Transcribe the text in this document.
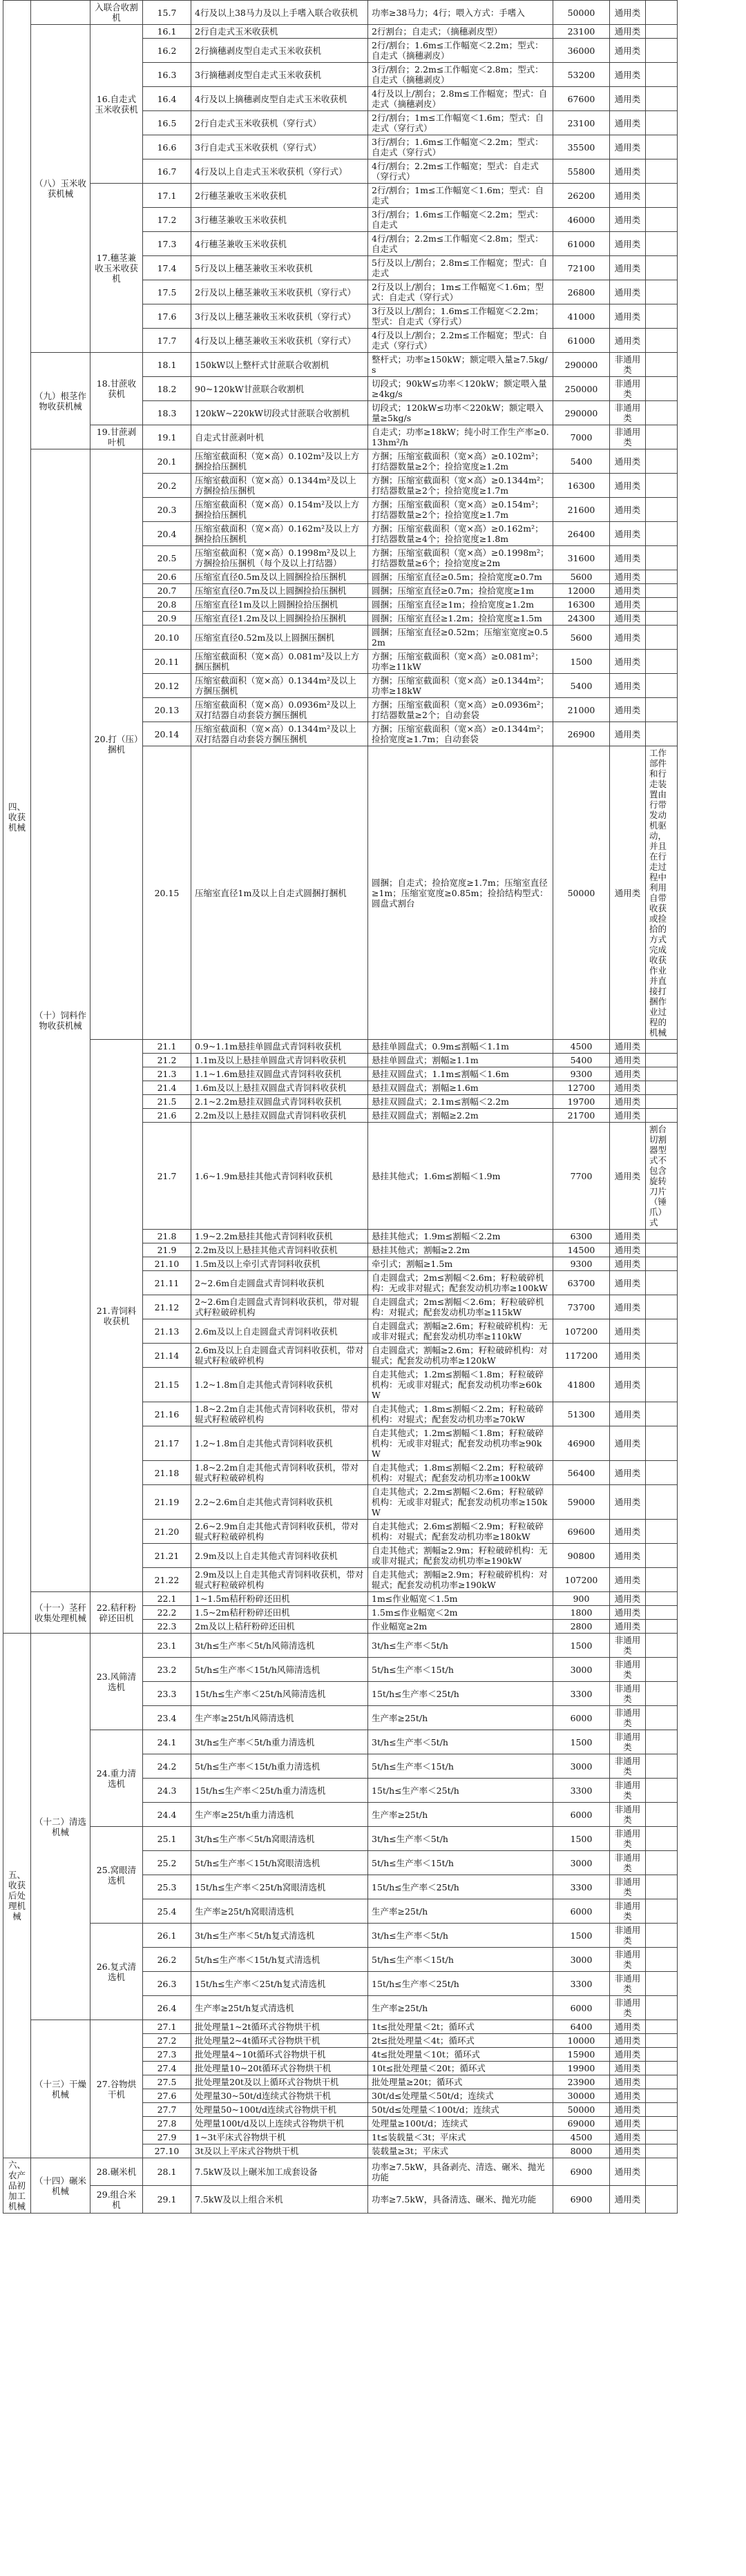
四、收获机械		入联合收割机	15.7	4行及以上38马力及以上手嗜入联合收获机	功率≥38马力；4行；喂入方式：手嗜入	50000	通用类	
	（八）玉米收获机械	16.自走式玉米收获机	16.1	2行自走式玉米收获机	2行割台；自走式；（摘穗剥皮型）	23100	通用类	
			16.2	2行摘穗剥皮型自走式玉米收获机	2行/割台；1.6m≤工作幅宽＜2.2m；型式：自走式（摘穗剥皮）	36000	通用类	
			16.3	3行摘穗剥皮型自走式玉米收获机	3行/割台；2.2m≤工作幅宽＜2.8m；型式：自走式（摘穗剥皮）	53200	通用类	
			16.4	4行及以上摘穗剥皮型自走式玉米收获机	4行及以上/割台；2.8m≤工作幅宽；型式：自走式（摘穗剥皮）	67600	通用类	
			16.5	2行自走式玉米收获机（穿行式）	2行/割台；1m≤工作幅宽＜1.6m；型式：自走式（穿行式）	23100	通用类	
			16.6	3行自走式玉米收获机（穿行式）	3行/割台；1.6m≤工作幅宽＜2.2m；型式：自走式（穿行式）	35500	通用类	
			16.7	4行及以上自走式玉米收获机（穿行式）	4行/割台；2.2m≤工作幅宽；型式：自走式（穿行式）	55800	通用类	
		17.穗茎兼收玉米收获机	17.1	2行穗茎兼收玉米收获机	2行/割台；1m≤工作幅宽＜1.6m；型式：自走式	26200	通用类	
			17.2	3行穗茎兼收玉米收获机	3行/割台；1.6m≤工作幅宽＜2.2m；型式：自走式	46000	通用类	
			17.3	4行穗茎兼收玉米收获机	4行/割台；2.2m≤工作幅宽＜2.8m；型式：自走式	61000	通用类	
			17.4	5行及以上穗茎兼收玉米收获机	5行及以上/割台；2.8m≤工作幅宽；型式：自走式	72100	通用类	
			17.5	2行及以上穗茎兼收玉米收获机（穿行式）	2行及以上/割台；1m≤工作幅宽＜1.6m；型式：自走式（穿行式）	26800	通用类	
			17.6	3行及以上穗茎兼收玉米收获机（穿行式）	3行及以上/割台；1.6m≤工作幅宽＜2.2m；型式：自走式（穿行式）	41000	通用类	
			17.7	4行及以上穗茎兼收玉米收获机（穿行式）	4行及以上/割台；2.2m≤工作幅宽；型式：自走式（穿行式）	61000	通用类	
	（九）根茎作物收获机械	18.甘蔗收获机	18.1	150kW以上整杆式甘蔗联合收割机	整杆式；功率≥150kW；额定喂入量≥7.5kg/s	290000	非通用类	
			18.2	90~120kW甘蔗联合收割机	切段式；90kW≤功率＜120kW；额定喂入量≥4kg/s	250000	非通用类	
			18.3	120kW~220kW切段式甘蔗联合收割机	切段式；120kW≤功率＜220kW；额定喂入量≥5kg/s	290000	非通用类	
		19.甘蔗剥叶机	19.1	自走式甘蔗剥叶机	自走式；功率≥18kW；纯小时工作生产率≥0.13hm²/h	7000	非通用类	
	（十）饲料作物收获机械	20.打（压）捆机	20.1	压缩室截面积（宽×高）0.102m²及以上方捆捡拾压捆机	方捆；压缩室截面积（宽×高）≥0.102m²；打结器数量≥2个；捡拾宽度≥1.2m	5400	通用类	
			20.2	压缩室截面积（宽×高）0.1344m²及以上方捆捡拾压捆机	方捆；压缩室截面积（宽×高）≥0.1344m²；打结器数量≥2个；捡拾宽度≥1.7m	16300	通用类	
			20.3	压缩室截面积（宽×高）0.154m²及以上方捆捡拾压捆机	方捆；压缩室截面积（宽×高）≥0.154m²；打结器数量≥2个；捡拾宽度≥1.7m	21600	通用类	
			20.4	压缩室截面积（宽×高）0.162m²及以上方捆捡拾压捆机	方捆；压缩室截面积（宽×高）≥0.162m²；打结器数量≥4个；捡拾宽度≥1.8m	26400	通用类	
			20.5	压缩室截面积（宽×高）0.1998m²及以上方捆捡拾压捆机（每个及以上打结器）	方捆；压缩室截面积（宽×高）≥0.1998m²；打结器数量≥6个；捡拾宽度≥2m	31600	通用类	
			20.6	压缩室直径0.5m及以上圆捆捡拾压捆机	圆捆；压缩室直径≥0.5m；捡拾宽度≥0.7m	5600	通用类	
			20.7	压缩室直径0.7m及以上圆捆捡拾压捆机	圆捆；压缩室直径≥0.7m；捡拾宽度≥1m	12000	通用类	
			20.8	压缩室直径1m及以上圆捆捡拾压捆机	圆捆；压缩室直径≥1m；捡拾宽度≥1.2m	16300	通用类	
			20.9	压缩室直径1.2m及以上圆捆捡拾压捆机	圆捆；压缩室直径≥1.2m；捡拾宽度≥1.5m	24300	通用类	
			20.10	压缩室直径0.52m及以上圆捆压捆机	圆捆；压缩室直径≥0.52m；压缩室宽度≥0.52m	5600	通用类	
			20.11	压缩室截面积（宽×高）0.081m²及以上方捆压捆机	方捆；压缩室截面积（宽×高）≥0.081m²；功率≥11kW	1500	通用类	
			20.12	压缩室截面积（宽×高）0.1344m²及以上方捆压捆机	方捆；压缩室截面积（宽×高）≥0.1344m²；功率≥18kW	5400	通用类	
			20.13	压缩室截面积（宽×高）0.0936m²及以上双打结器自动套袋方捆压捆机	方捆；压缩室截面积（宽×高）≥0.0936m²；打结器数量≥2个；自动套袋	21000	通用类	
			20.14	压缩室截面积（宽×高）0.1344m²及以上双打结器自动套袋方捆压捆机	方捆；压缩室截面积（宽×高）≥0.1344m²；捡拾宽度≥1.7m；自动套袋	26900	通用类	
			20.15	压缩室直径1m及以上自走式圆捆打捆机	圆捆；自走式；捡拾宽度≥1.7m；压缩室直径≥1m；压缩室宽度≥0.85m；捡拾结构型式：圆盘式割台	50000	通用类	工作部件和行走装置由行带发动机驱动，并且在行走过程中利用自带收获或捡拾的方式完成收获作业并直接打捆作业过程的机械
		21.青饲料收获机	21.1	0.9~1.1m悬挂单圆盘式青饲料收获机	悬挂单圆盘式；0.9m≤割幅＜1.1m	4500	通用类	
			21.2	1.1m及以上悬挂单圆盘式青饲料收获机	悬挂单圆盘式；割幅≥1.1m	5400	通用类	
			21.3	1.1~1.6m悬挂双圆盘式青饲料收获机	悬挂双圆盘式；1.1m≤割幅＜1.6m	9300	通用类	
			21.4	1.6m及以上悬挂双圆盘式青饲料收获机	悬挂双圆盘式；割幅≥1.6m	12700	通用类	
			21.5	2.1~2.2m悬挂双圆盘式青饲料收获机	悬挂双圆盘式；2.1m≤割幅＜2.2m	19700	通用类	
			21.6	2.2m及以上悬挂双圆盘式青饲料收获机	悬挂双圆盘式；割幅≥2.2m	21700	通用类	
			21.7	1.6~1.9m悬挂其他式青饲料收获机	悬挂其他式；1.6m≤割幅＜1.9m	7700	通用类	割台切割器型式不包含旋转刀片（锤爪）式
			21.8	1.9~2.2m悬挂其他式青饲料收获机	悬挂其他式；1.9m≤割幅＜2.2m	6300	通用类	
			21.9	2.2m及以上悬挂其他式青饲料收获机	悬挂其他式；割幅≥2.2m	14500	通用类	
			21.10	1.5m及以上牵引式青饲料收获机	牵引式；割幅≥1.5m	9300	通用类	
			21.11	2~2.6m自走圆盘式青饲料收获机	自走圆盘式；2m≤割幅＜2.6m；籽粒破碎机构：无或非对辊式；配套发动机功率≥100kW	63700	通用类	
			21.12	2~2.6m自走圆盘式青饲料收获机，带对辊式籽粒破碎机构	自走圆盘式；2m≤割幅＜2.6m；籽粒破碎机构：对辊式；配套发动机功率≥115kW	73700	通用类	
			21.13	2.6m及以上自走圆盘式青饲料收获机	自走圆盘式；割幅≥2.6m；籽粒破碎机构：无或非对辊式；配套发动机功率≥110kW	107200	通用类	
			21.14	2.6m及以上自走圆盘式青饲料收获机，带对辊式籽粒破碎机构	自走圆盘式；割幅≥2.6m；籽粒破碎机构：对辊式；配套发动机功率≥120kW	117200	通用类	
			21.15	1.2~1.8m自走其他式青饲料收获机	自走其他式；1.2m≤割幅＜1.8m；籽粒破碎机构：无或非对辊式；配套发动机功率≥60kW	41800	通用类	
			21.16	1.8~2.2m自走其他式青饲料收获机，带对辊式籽粒破碎机构	自走其他式；1.8m≤割幅＜2.2m；籽粒破碎机构：对辊式；配套发动机功率≥70kW	51300	通用类	
			21.17	1.2~1.8m自走其他式青饲料收获机	自走其他式；1.2m≤割幅＜1.8m；籽粒破碎机构：无或非对辊式；配套发动机功率≥90kW	46900	通用类	
			21.18	1.8~2.2m自走其他式青饲料收获机，带对辊式籽粒破碎机构	自走其他式；1.8m≤割幅＜2.2m；籽粒破碎机构：对辊式；配套发动机功率≥100kW	56400	通用类	
			21.19	2.2~2.6m自走其他式青饲料收获机	自走其他式；2.2m≤割幅＜2.6m；籽粒破碎机构：无或非对辊式；配套发动机功率≥150kW	59000	通用类	
			21.20	2.6~2.9m自走其他式青饲料收获机，带对辊式籽粒破碎机构	自走其他式；2.6m≤割幅＜2.9m；籽粒破碎机构：对辊式；配套发动机功率≥180kW	69600	通用类	
			21.21	2.9m及以上自走其他式青饲料收获机	自走其他式；割幅≥2.9m；籽粒破碎机构：无或非对辊式；配套发动机功率≥190kW	90800	通用类	
			21.22	2.9m及以上自走其他式青饲料收获机，带对辊式籽粒破碎机构	自走其他式；割幅≥2.9m；籽粒破碎机构：对辊式；配套发动机功率≥190kW	107200	通用类	
	（十一）茎秆收集处理机械	22.秸秆粉碎还田机	22.1	1~1.5m秸秆粉碎还田机	1m≤作业幅宽＜1.5m	900	通用类	
			22.2	1.5~2m秸秆粉碎还田机	1.5m≤作业幅宽＜2m	1800	通用类	
			22.3	2m及以上秸秆粉碎还田机	作业幅宽≥2m	2800	通用类	
五、收获后处理机械	（十二）清选机械	23.风筛清选机	23.1	3t/h≤生产率＜5t/h风筛清选机	3t/h≤生产率＜5t/h	1500	非通用类	
			23.2	5t/h≤生产率＜15t/h风筛清选机	5t/h≤生产率＜15t/h	3000	非通用类	
			23.3	15t/h≤生产率＜25t/h风筛清选机	15t/h≤生产率＜25t/h	3300	非通用类	
			23.4	生产率≥25t/h风筛清选机	生产率≥25t/h	6000	非通用类	
		24.重力清选机	24.1	3t/h≤生产率＜5t/h重力清选机	3t/h≤生产率＜5t/h	1500	非通用类	
			24.2	5t/h≤生产率＜15t/h重力清选机	5t/h≤生产率＜15t/h	3000	非通用类	
			24.3	15t/h≤生产率＜25t/h重力清选机	15t/h≤生产率＜25t/h	3300	非通用类	
			24.4	生产率≥25t/h重力清选机	生产率≥25t/h	6000	非通用类	
		25.窝眼清选机	25.1	3t/h≤生产率＜5t/h窝眼清选机	3t/h≤生产率＜5t/h	1500	非通用类	
			25.2	5t/h≤生产率＜15t/h窝眼清选机	5t/h≤生产率＜15t/h	3000	非通用类	
			25.3	15t/h≤生产率＜25t/h窝眼清选机	15t/h≤生产率＜25t/h	3300	非通用类	
			25.4	生产率≥25t/h窝眼清选机	生产率≥25t/h	6000	非通用类	
		26.复式清选机	26.1	3t/h≤生产率＜5t/h复式清选机	3t/h≤生产率＜5t/h	1500	非通用类	
			26.2	5t/h≤生产率＜15t/h复式清选机	5t/h≤生产率＜15t/h	3000	非通用类	
			26.3	15t/h≤生产率＜25t/h复式清选机	15t/h≤生产率＜25t/h	3300	非通用类	
			26.4	生产率≥25t/h复式清选机	生产率≥25t/h	6000	非通用类	
	（十三）干燥机械	27.谷物烘干机	27.1	批处理量1~2t循环式谷物烘干机	1t≤批处理量＜2t；循环式	6400	通用类	
			27.2	批处理量2~4t循环式谷物烘干机	2t≤批处理量＜4t；循环式	10000	通用类	
			27.3	批处理量4~10t循环式谷物烘干机	4t≤批处理量＜10t；循环式	15900	通用类	
			27.4	批处理量10~20t循环式谷物烘干机	10t≤批处理量＜20t；循环式	19900	通用类	
			27.5	批处理量20t及以上循环式谷物烘干机	批处理量≥20t；循环式	23900	通用类	
			27.6	处理量30~50t/d连续式谷物烘干机	30t/d≤处理量＜50t/d；连续式	30000	通用类	
			27.7	处理量50~100t/d连续式谷物烘干机	50t/d≤处理量＜100t/d；连续式	50000	通用类	
			27.8	处理量100t/d及以上连续式谷物烘干机	处理量≥100t/d；连续式	69000	通用类	
			27.9	1~3t平床式谷物烘干机	1t≤装载量＜3t；平床式	4500	通用类	
			27.10	3t及以上平床式谷物烘干机	装载量≥3t；平床式	8000	通用类	
六、农产品初加工机械	（十四）碾米机械	28.碾米机	28.1	7.5kW及以上碾米加工成套设备	功率≥7.5kW，具备剥壳、清选、碾米、抛光功能	6900	通用类	
		29.组合米机	29.1	7.5kW及以上组合米机	功率≥7.5kW，具备清选、碾米、抛光功能	6900	通用类	
